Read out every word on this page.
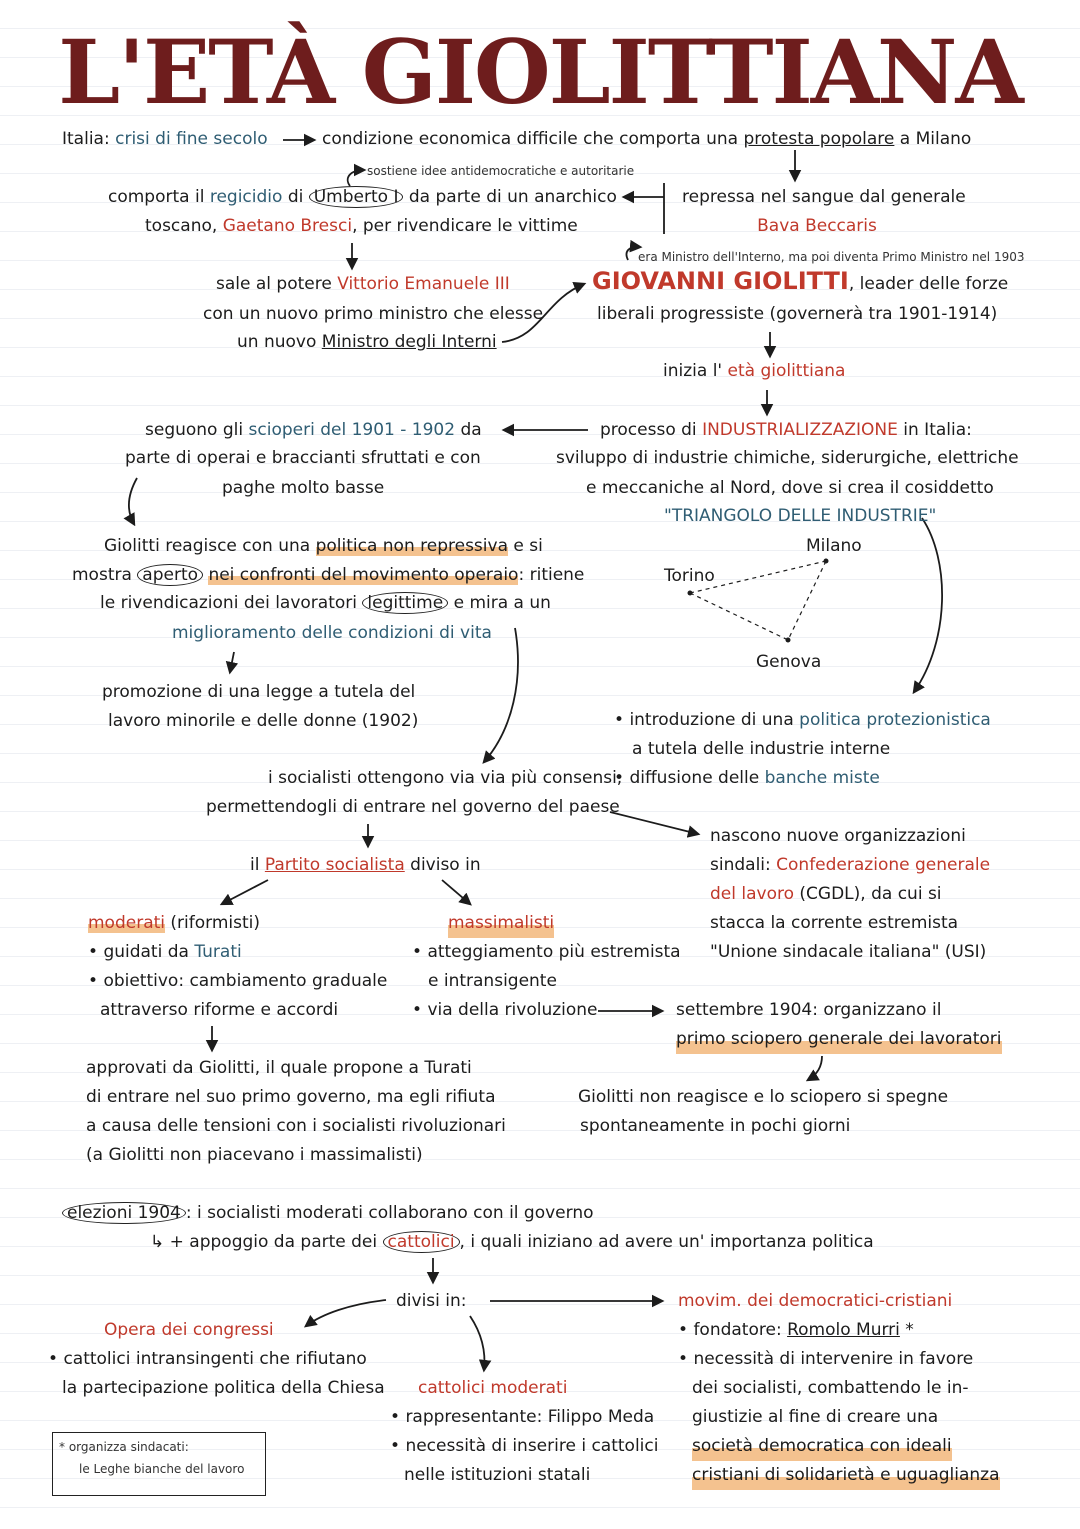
L'ETÀ GIOLITTIANA
Italia: crisi di fine secolo	condizione economica difficile che comporta una protesta popolare a Milano
sostiene idee antidemocratiche e autoritarie
comporta il regicidio di Umberto I da parte di un anarchico
toscano, Gaetano Bresci, per rivendicare le vittime
repressa nel sangue dal generale
Bava Beccaris
era Ministro dell'Interno, ma poi diventa Primo Ministro nel 1903
sale al potere Vittorio Emanuele III
con un nuovo primo ministro che elesse
un nuovo Ministro degli Interni
GIOVANNI GIOLITTI, leader delle forze
liberali progressiste (governerà tra 1901-1914)
inizia l' età giolittiana
seguono gli scioperi del 1901 - 1902 da
parte di operai e braccianti sfruttati e con
paghe molto basse
processo di INDUSTRIALIZZAZIONE in Italia:
sviluppo di industrie chimiche, siderurgiche, elettriche
e meccaniche al Nord, dove si crea il cosiddetto
"TRIANGOLO DELLE INDUSTRIE"
Milano
Torino
Genova
Giolitti reagisce con una politica non repressiva e si
mostra aperto nei confronti del movimento operaio: ritiene
le rivendicazioni dei lavoratori legittime e mira a un
miglioramento delle condizioni di vita
promozione di una legge a tutela del
lavoro minorile e delle donne (1902)
•	introduzione di una politica protezionistica
a tutela delle industrie interne
• diffusione delle banche miste
i socialisti ottengono via via più consensi,
permettendogli di entrare nel governo del paese
nascono nuove organizzazioni
sindali: Confederazione generale
del lavoro (CGDL), da cui si
stacca la corrente estremista
"Unione sindacale italiana" (USI)
il Partito socialista diviso in
moderati (riformisti)
• guidati da Turati
• obiettivo: cambiamento graduale
attraverso riforme e accordi
massimalisti
• atteggiamento più estremista
e intransigente
• via della rivoluzione	settembre 1904: organizzano il
primo sciopero generale dei lavoratori
Giolitti non reagisce e lo sciopero si spegne
spontaneamente in pochi giorni
approvati da Giolitti, il quale propone a Turati
di entrare nel suo primo governo, ma egli rifiuta
a causa delle tensioni con i socialisti rivoluzionari
(a Giolitti non piacevano i massimalisti)
elezioni 1904 : i socialisti moderati collaborano con il governo
↳ + appoggio da parte dei cattolici , i quali iniziano ad avere un' importanza politica
divisi in:
Opera dei congressi
• cattolici intransingenti che rifiutano
la partecipazione politica della Chiesa cattolici moderati
• rappresentante: Filippo Meda
• necessità di inserire i cattolici
nelle istituzioni statali
movim. dei democratici-cristiani
• fondatore: Romolo Murri *
• necessità di intervenire in favore
dei socialisti, combattendo le in-
giustizie al fine di creare una
società democratica con ideali
cristiani di solidarietà e uguaglianza
* organizza sindacati:
le Leghe bianche del lavoro
